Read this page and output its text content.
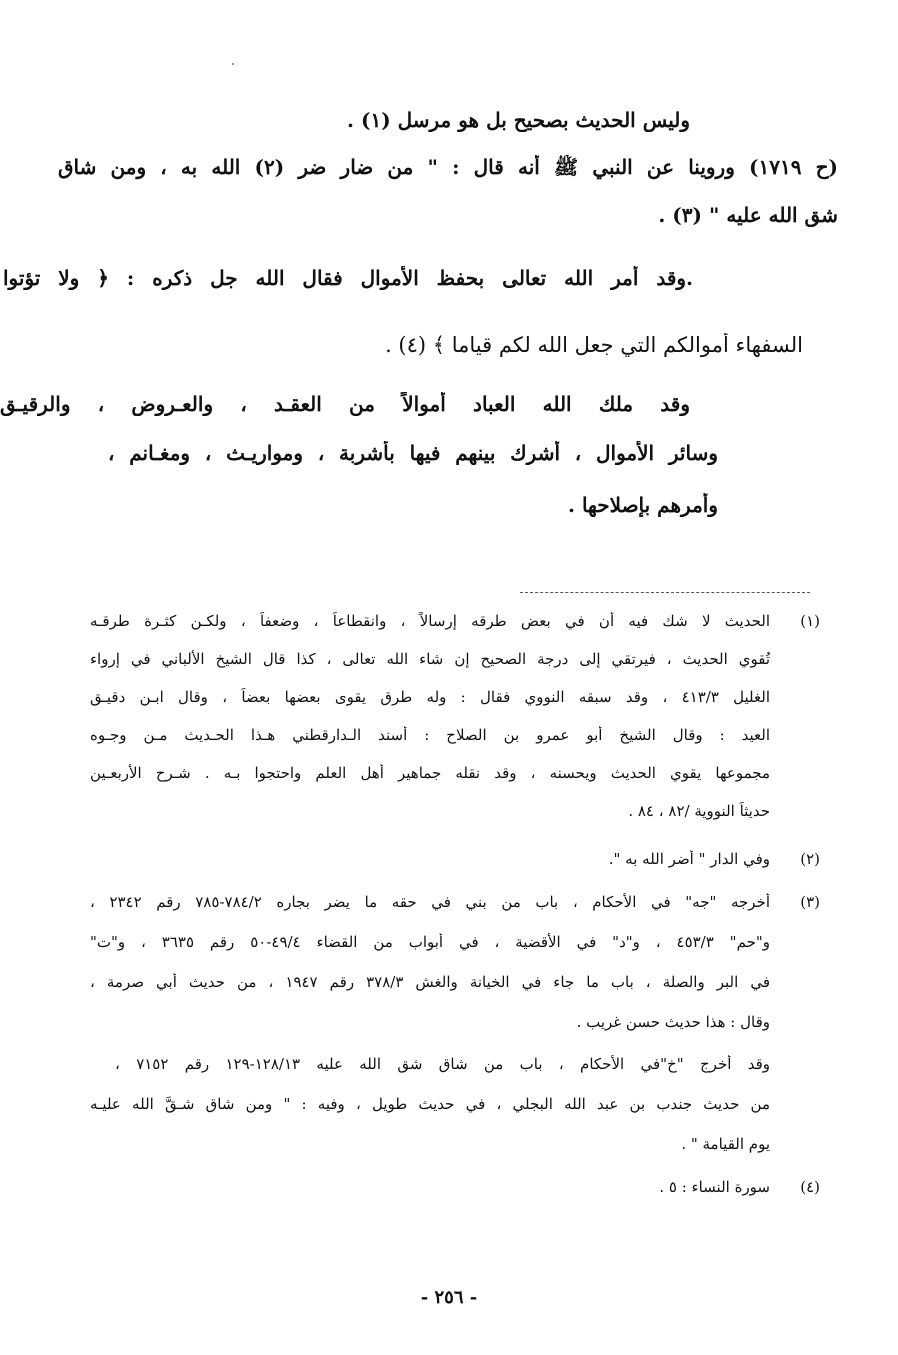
وليس الحديث بصحيح بل هو مرسل (١) .
(ح ١٧١٩) وروينا عن النبي ﷺ أنه قال : " من ضار ضر (٢) الله به ، ومن شاق
شق الله عليه " (٣) .
.وقد أمر الله تعالى بحفظ الأموال فقال الله جل ذكره : ﴿ ولا تؤتوا
السفهاء أموالكم التي جعل الله لكم قياما ﴾ (٤) .
وقد ملك الله العباد أموالاً من العقـد ، والعـروض ، والرقيـق
وسائر الأموال ، أشرك بينهم فيها بأشربة ، ومواريـث ، ومغـانم ،
وأمرهم بإصلاحها .
(١)
الحديث لا شك فيه أن في بعض طرقه إرسالاً ، وانقطاعاً ، وضعفاً ، ولكـن كثـرة طرقـه
تُقوي الحديث ، فيرتقي إلى درجة الصحيح إن شاء الله تعالى ، كذا قال الشيخ الألباني في إرواء
الغليل ٤١٣/٣ ، وقد سبقه النووي فقال : وله طرق يقوى بعضها بعضاً ، وقال ابـن دقيـق
العيد : وقال الشيخ أبو عمرو بن الصلاح : أسند الـدارقطني هـذا الحـديث مـن وجـوه
مجموعها يقوي الحديث ويحسنه ، وقد نقله جماهير أهل العلم واحتجوا بـه . شـرح الأربعـين
حديثاً النووية /٨٢ ، ٨٤ .
(٢)
وفي الدار " أضر الله به ".
(٣)
أخرجه "جه" في الأحكام ، باب من بني في حقه ما يضر بجاره ٧٨٤/٢-٧٨٥ رقم ٢٣٤٢ ،
و"حم" ٤٥٣/٣ ، و"د" في الأقضية ، في أبواب من القضاء ٤٩/٤-٥٠ رقم ٣٦٣٥ ، و"ت"
في البر والصلة ، باب ما جاء في الخيانة والغش ٣٧٨/٣ رقم ١٩٤٧ ، من حديث أبي صرمة ،
وقال : هذا حديث حسن غريب .
وقد أخرج "خ"في الأحكام ، باب من شاق شق الله عليه ١٢٨/١٣-١٢٩ رقم ٧١٥٢ ،
من حديث جندب بن عبد الله البجلي ، في حديث طويل ، وفيه : " ومن شاق شـقَّ الله عليـه
يوم القيامة " .
(٤)
سورة النساء : ٥ .
- ٢٥٦ -
